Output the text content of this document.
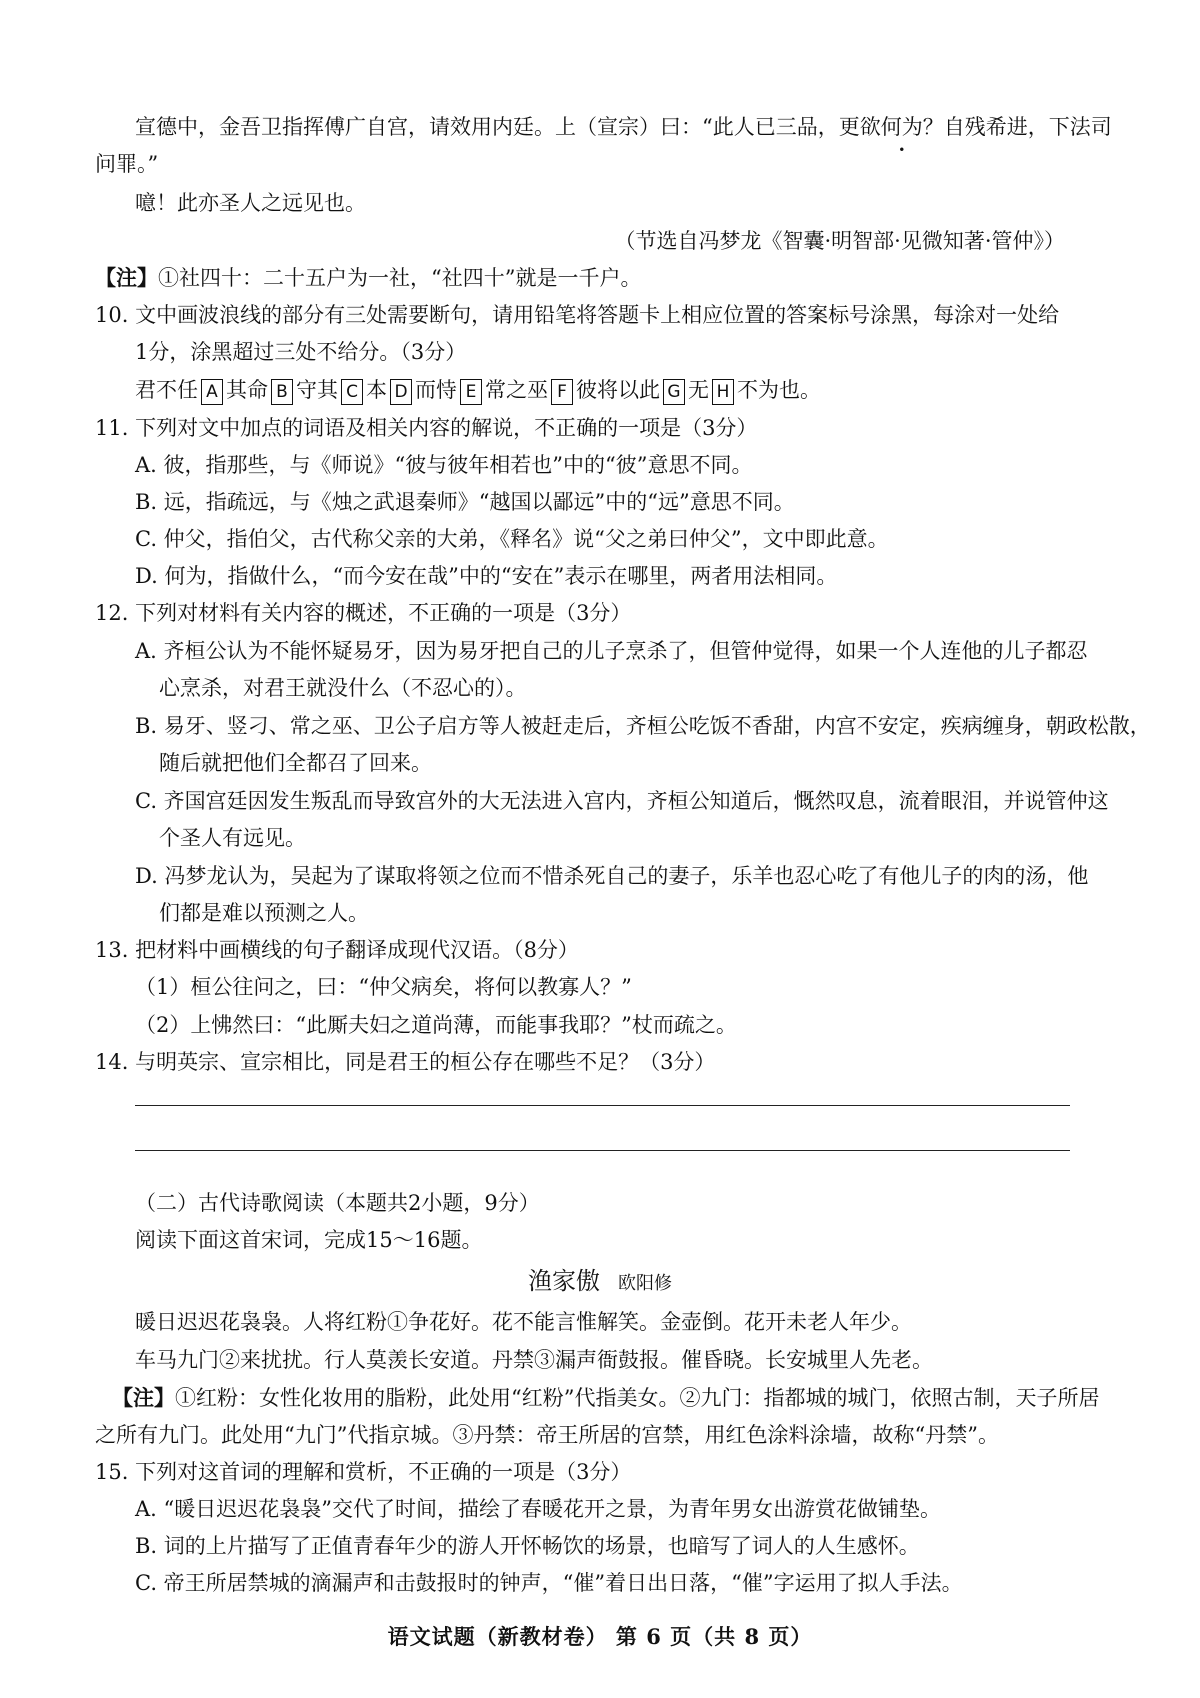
宣德中，金吾卫指挥傅广自宫，请效用内廷。上（宣宗）曰：“此人已三品，更欲何为？自残希进，下法司
问罪。”
噫！此亦圣人之远见也。
（节选自冯梦龙《智囊·明智部·见微知著·管仲》）
【注】①社四十：二十五户为一社，“社四十”就是一千户。
10. 文中画波浪线的部分有三处需要断句，请用铅笔将答题卡上相应位置的答案标号涂黑，每涂对一处给
1分，涂黑超过三处不给分。（3分）
君不任 A 其命 B 守其 C 本 D 而恃 E 常之巫 F 彼将以此 G 无 H 不为也。
11. 下列对文中加点的词语及相关内容的解说，不正确的一项是（3分）
A. 彼，指那些，与《师说》“彼与彼年相若也”中的“彼”意思不同。
B. 远，指疏远，与《烛之武退秦师》“越国以鄙远”中的“远”意思不同。
C. 仲父，指伯父，古代称父亲的大弟，《释名》说“父之弟曰仲父”，文中即此意。
D. 何为，指做什么，“而今安在哉”中的“安在”表示在哪里，两者用法相同。
12. 下列对材料有关内容的概述，不正确的一项是（3分）
A. 齐桓公认为不能怀疑易牙，因为易牙把自己的儿子烹杀了，但管仲觉得，如果一个人连他的儿子都忍
心烹杀，对君王就没什么（不忍心的）。
B. 易牙、竖刁、常之巫、卫公子启方等人被赶走后，齐桓公吃饭不香甜，内宫不安定，疾病缠身，朝政松散，
随后就把他们全都召了回来。
C. 齐国宫廷因发生叛乱而导致宫外的大无法进入宫内，齐桓公知道后，慨然叹息，流着眼泪，并说管仲这
个圣人有远见。
D. 冯梦龙认为，吴起为了谋取将领之位而不惜杀死自己的妻子，乐羊也忍心吃了有他儿子的肉的汤，他
们都是难以预测之人。
13. 把材料中画横线的句子翻译成现代汉语。（8分）
（1）桓公往问之，曰：“仲父病矣，将何以教寡人？”
（2）上怫然曰：“此厮夫妇之道尚薄，而能事我耶？”杖而疏之。
14. 与明英宗、宣宗相比，同是君王的桓公存在哪些不足？（3分）
（二）古代诗歌阅读（本题共2小题，9分）
阅读下面这首宋词，完成15～16题。
渔家傲 欧阳修
暖日迟迟花袅袅。人将红粉①争花好。花不能言惟解笑。金壶倒。花开未老人年少。
车马九门②来扰扰。行人莫羡长安道。丹禁③漏声衙鼓报。催昏晓。长安城里人先老。
【注】①红粉：女性化妆用的脂粉，此处用“红粉”代指美女。②九门：指都城的城门，依照古制，天子所居
之所有九门。此处用“九门”代指京城。③丹禁：帝王所居的宫禁，用红色涂料涂墙，故称“丹禁”。
15. 下列对这首词的理解和赏析，不正确的一项是（3分）
A. “暖日迟迟花袅袅”交代了时间，描绘了春暖花开之景，为青年男女出游赏花做铺垫。
B. 词的上片描写了正值青春年少的游人开怀畅饮的场景，也暗写了词人的人生感怀。
C. 帝王所居禁城的滴漏声和击鼓报时的钟声，“催”着日出日落，“催”字运用了拟人手法。
语文试题（新教材卷） 第 6 页（共 8 页）
